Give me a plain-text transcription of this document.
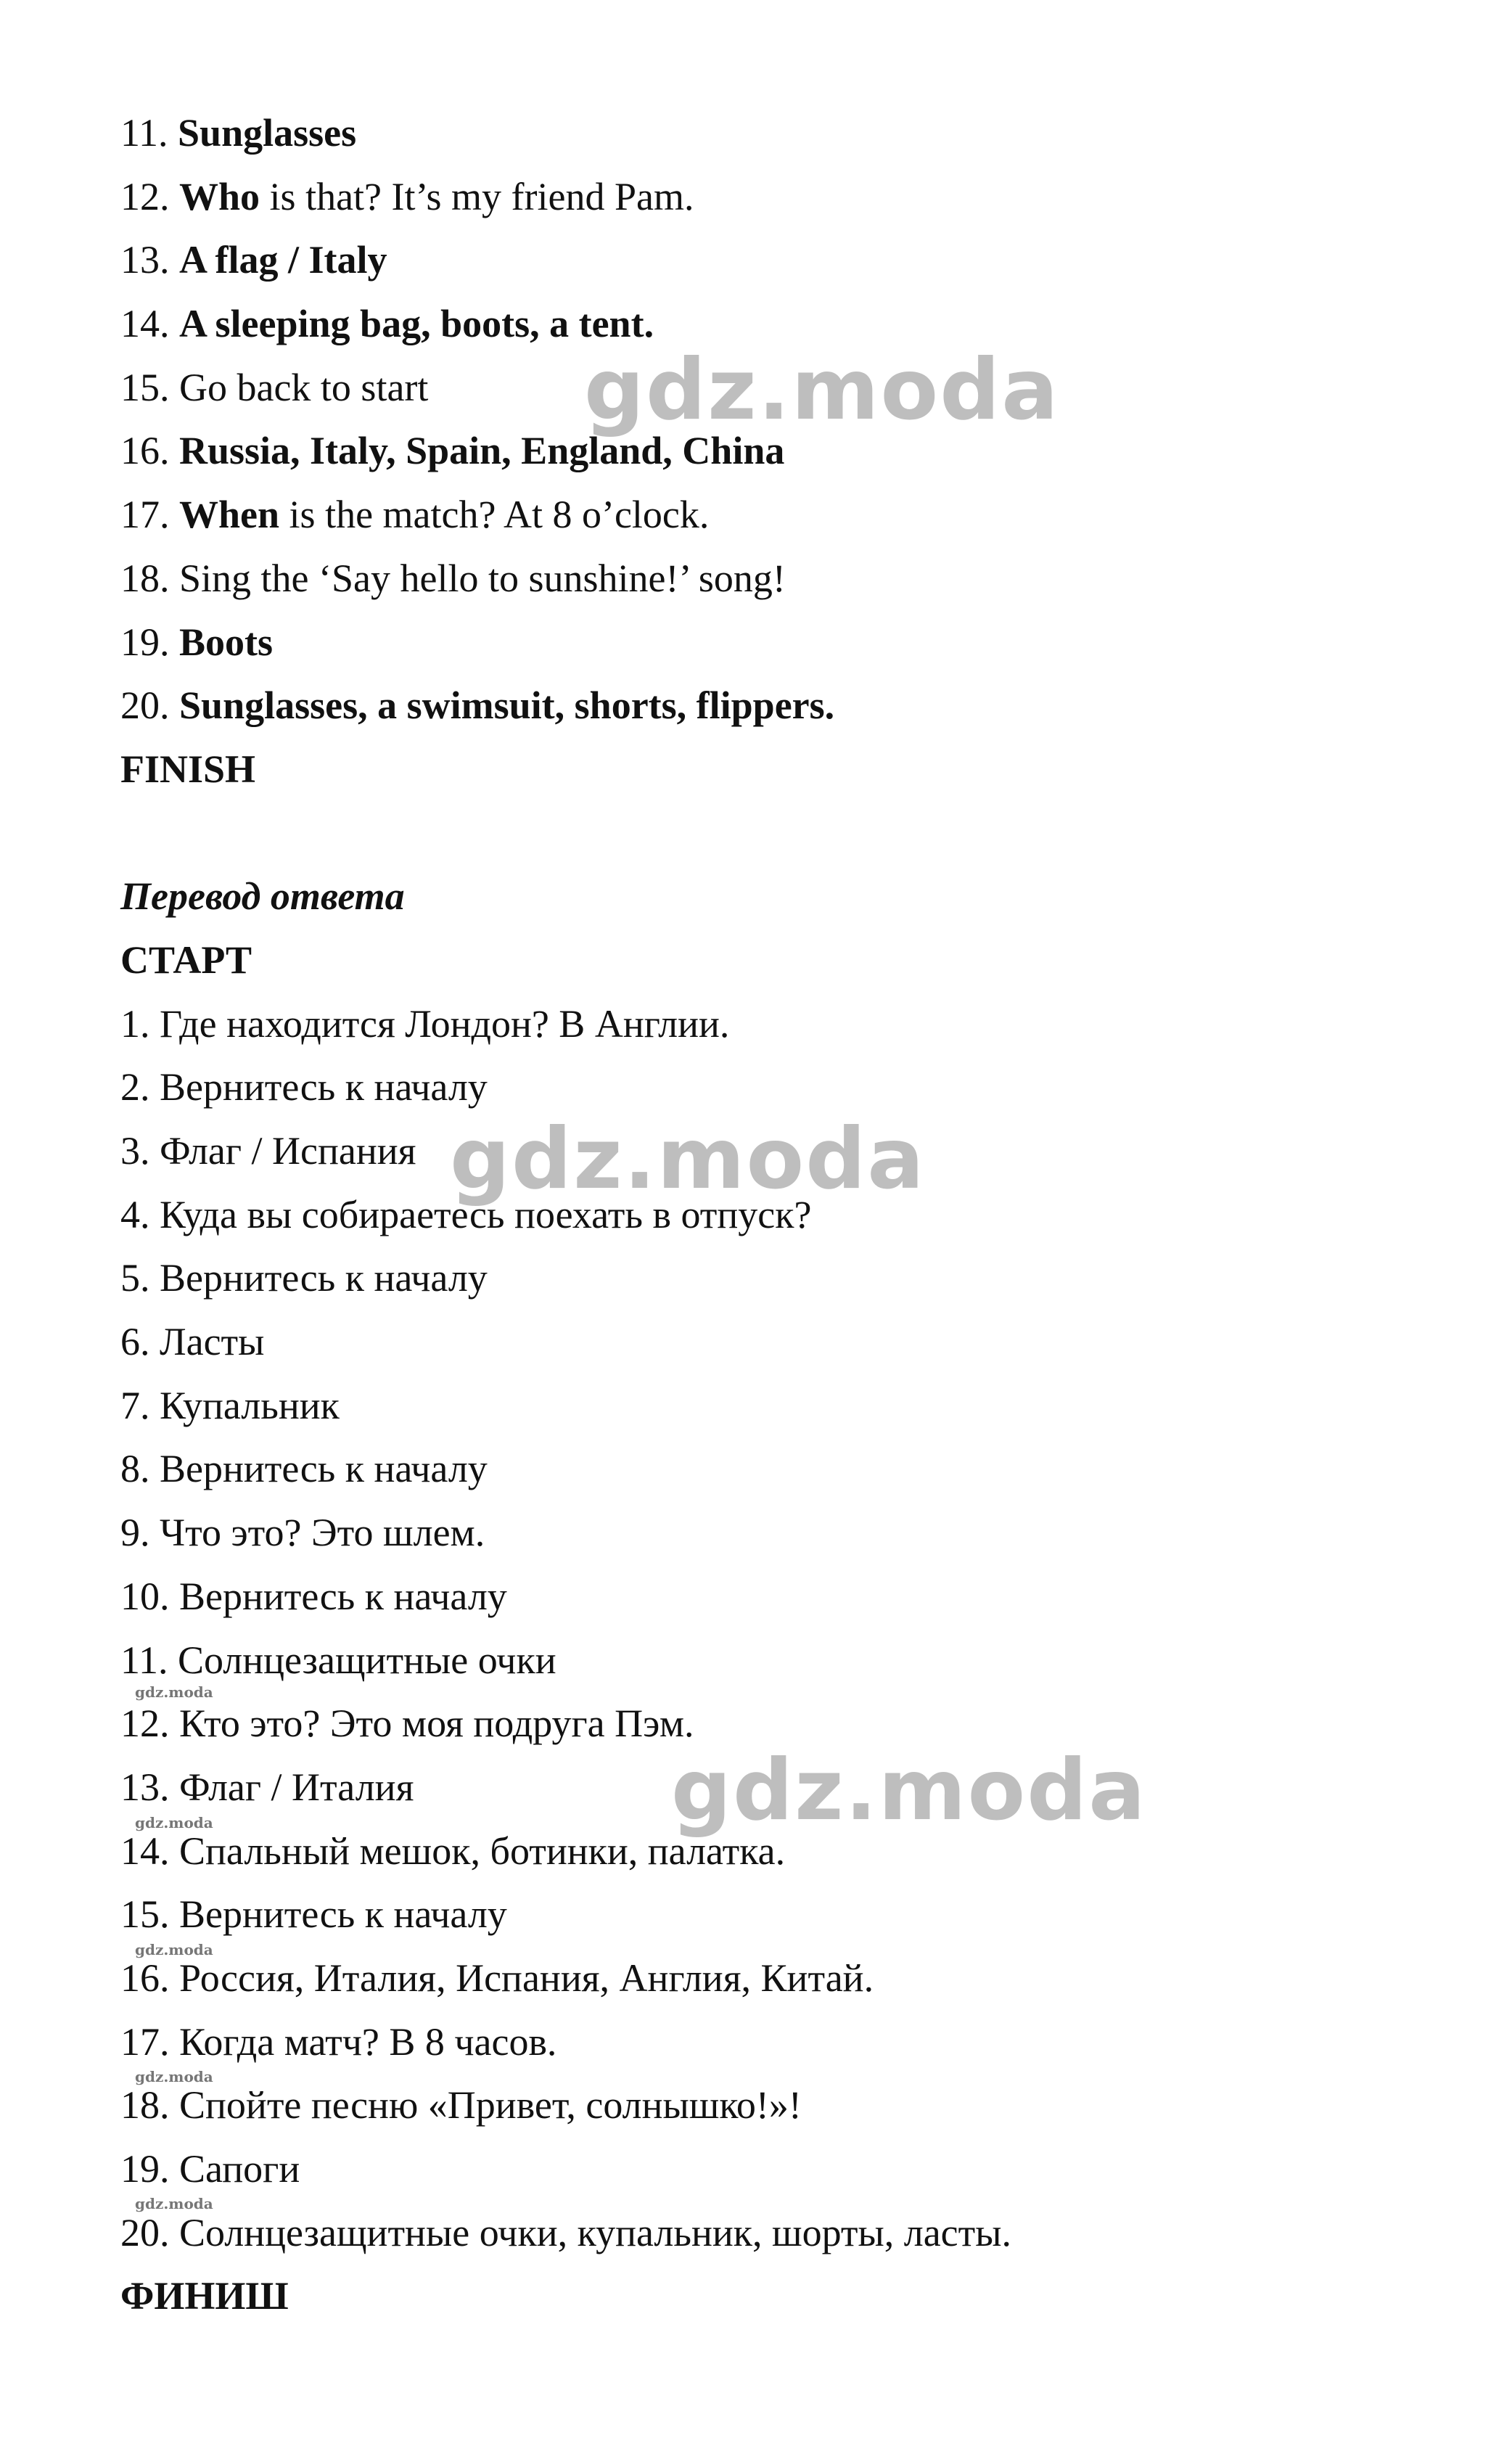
11. Sunglasses
12. Who is that? It’s my friend Pam.
13. A flag / Italy
14. A sleeping bag, boots, a tent.
15. Go back to start
16. Russia, Italy, Spain, England, China
17. When is the match? At 8 o’clock.
18. Sing the ‘Say hello to sunshine!’ song!
19. Boots
20. Sunglasses, a swimsuit, shorts, flippers.
FINISH
Перевод ответа
СТАРТ
1. Где находится Лондон? В Англии.
2. Вернитесь к началу
3. Флаг / Испания
4. Куда вы собираетесь поехать в отпуск?
5. Вернитесь к началу
6. Ласты
7. Купальник
8. Вернитесь к началу
9. Что это? Это шлем.
10. Вернитесь к началу
11. Солнцезащитные очки
12. Кто это? Это моя подруга Пэм.
13. Флаг / Италия
14. Спальный мешок, ботинки, палатка.
15. Вернитесь к началу
16. Россия, Италия, Испания, Англия, Китай.
17. Когда матч? В 8 часов.
18. Спойте песню «Привет, солнышко!»!
19. Сапоги
20. Солнцезащитные очки, купальник, шорты, ласты.
ФИНИШ
gdz.moda
gdz.moda
gdz.moda
gdz.moda
gdz.moda
gdz.moda
gdz.moda
gdz.moda
